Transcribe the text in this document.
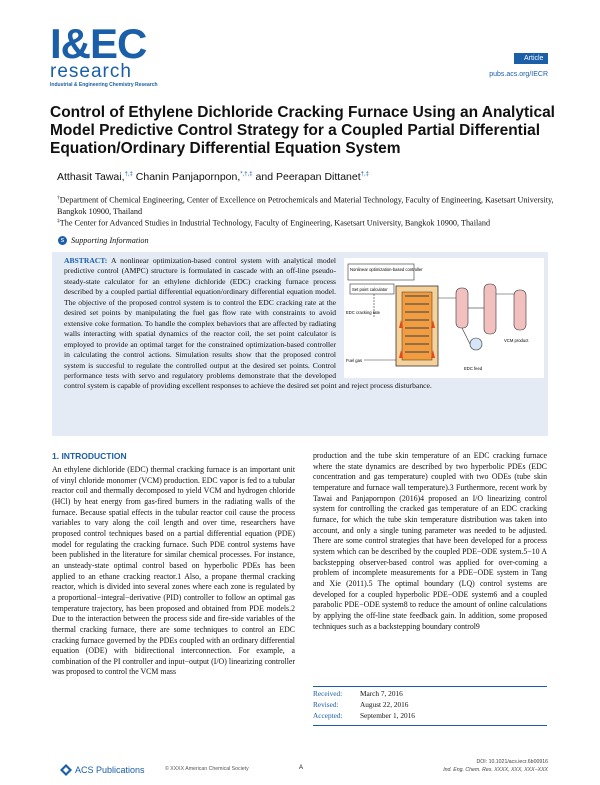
I&EC
research
Industrial & Engineering Chemistry Research
Article
pubs.acs.org/IECR
Control of Ethylene Dichloride Cracking Furnace Using an Analytical Model Predictive Control Strategy for a Coupled Partial Differential Equation/Ordinary Differential Equation System
Atthasit Tawai,†,‡ Chanin Panjapornpon,*,†,‡ and Peerapan Dittanet†,‡
†Department of Chemical Engineering, Center of Excellence on Petrochemicals and Material Technology, Faculty of Engineering, Kasetsart University, Bangkok 10900, Thailand
‡The Center for Advanced Studies in Industrial Technology, Faculty of Engineering, Kasetsart University, Bangkok 10900, Thailand
s Supporting Information
ABSTRACT: A nonlinear optimization-based control system with analytical model predictive control (AMPC) structure is formulated in cascade with an off-line pseudo-steady-state calculator for an ethylene dichloride (EDC) cracking furnace process described by a coupled partial differential equation/ordinary differential equation model. The objective of the proposed control system is to control the EDC cracking rate at the desired set points by manipulating the fuel gas flow rate with constraints to avoid extensive coke formation. To handle the complex behaviors that are affected by radiating walls interacting with spatial dynamics of the reactor coil, the set point calculator is employed to provide an optimal target for the constrained optimization-based controller in calculating the control actions. Simulation results show that the proposed control system is succesful to regulate the controlled output at the desired set points. Control performance tests with servo and regulatory problems demonstrate that the developed control system is capable of providing excellent responses to achieve the desired set point and reject process disturbance.
Nonlinear optimization-based controller
Set point calculator
EDC cracking rate
Fuel gas
EDC feed
VCM product
1. INTRODUCTION

An ethylene dichloride (EDC) thermal cracking furnace is an important unit of vinyl chloride monomer (VCM) production. EDC vapor is fed to a tubular reactor coil and thermally decomposed to yield VCM and hydrogen chloride (HCl) by heat energy from gas-fired burners in the radiating walls of the furnace. Because spatial effects in the tubular reactor coil cause the process variables to vary along the coil length and over time, researchers have proposed control techniques based on a partial differential equation (PDE) model for regulating the cracking furnace. Such PDE control systems have been published in the literature for similar chemical processes. For instance, an unsteady-state optimal control based on hyperbolic PDEs has been applied to an ethane cracking reactor.1 Also, a propane thermal cracking reactor, which is divided into several zones where each zone is regulated by a proportional−integral−derivative (PID) controller to follow an optimal gas temperature trajectory, has been proposed and obtained from PDE models.2 Due to the interaction between the process side and fire-side variables of the thermal cracking furnace, there are some techniques to control an EDC cracking furnace governed by the PDEs coupled with an ordinary differential equation (ODE) with bidirectional interconnection. For example, a combination of the PI controller and input−output (I/O) linearizing controller was proposed to control the VCM mass

production and the tube skin temperature of an EDC cracking furnace where the state dynamics are described by two hyperbolic PDEs (EDC concentration and gas temperature) coupled with two ODEs (tube skin temperature and furnace wall temperature).3 Furthermore, recent work by Tawai and Panjapornpon (2016)4 proposed an I/O linearizing control system for controlling the cracked gas temperature of an EDC cracking furnace, for which the tube skin temperature distribution was taken into account, and only a single tuning parameter was needed to be adjusted. There are some control strategies that have been developed for a process system which can be described by the coupled PDE−ODE system.5−10 A backstepping observer-based control was applied for over-coming a problem of incomplete measurements for a PDE−ODE system in Tang and Xie (2011).5 The optimal boundary (LQ) control systems are developed for a coupled hyperbolic PDE−ODE system6 and a coupled parabolic PDE−ODE system8 to reduce the amount of online calculations by applying the off-line state feedback gain. In addition, some proposed techniques such as a backstepping boundary control9

Received: March 7, 2016
Revised:	August 22, 2016
Accepted: September 1, 2016
ACS Publications	© XXXX American Chemical Society	A
DOI: 10.1021/acs.iecr.6b00916
Ind. Eng. Chem. Res. XXXX, XXX, XXX−XXX
